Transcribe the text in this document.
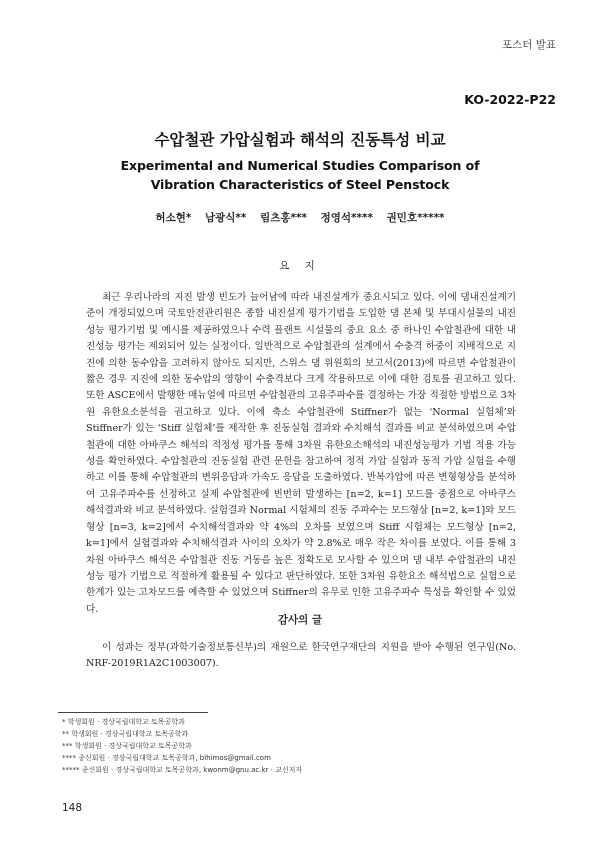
포스터 발표
KO-2022-P22
수압철관 가압실험과 해석의 진동특성 비교
Experimental and Numerical Studies Comparison of
Vibration Characteristics of Steel Penstock
허소현* 남광식** 림츠홍*** 정영석**** 권민호*****
요 지

최근 우리나라의 지진 발생 빈도가 늘어남에 따라 내진설계가 중요시되고 있다. 이에 댐내진설계기준이 개정되었으며 국토안전관리원은 종합 내진설계 평가기법을 도입한 댐 본체 및 부대시설물의 내진성능 평가기법 및 예시를 제공하였으나 수력 플랜트 시설물의 중요 요소 중 하나인 수압철관에 대한 내진성능 평가는 제외되어 있는 실정이다. 일반적으로 수압철관의 설계에서 수충격 하중이 지배적으로 지진에 의한 동수압을 고려하지 않아도 되지만, 스위스 댐 위원회의 보고서(2013)에 따르면 수압철관이 짧은 경우 지진에 의한 동수압의 영향이 수충격보다 크게 작용하므로 이에 대한 검토를 권고하고 있다. 또한 ASCE에서 발행한 매뉴얼에 따르면 수압철관의 고유주파수를 결정하는 가장 적절한 방법으로 3차원 유한요소분석을 권고하고 있다. 이에 축소 수압철관에 Stiffner가 없는 ‘Normal 실험체’와 Stiffner가 있는 ‘Stiff 실험체’를 제작한 후 진동실험 결과와 수치해석 결과를 비교 분석하였으며 수압철관에 대한 아바쿠스 해석의 적정성 평가를 통해 3차원 유한요소해석의 내진성능평가 기법 적용 가능성을 확인하였다. 수압철관의 진동실험 관련 문헌을 참고하여 정적 가압 실험과 동적 가압 실험을 수행하고 이를 통해 수압철관의 변위응답과 가속도 응답을 도출하였다. 반복가압에 따른 변형형상을 분석하여 고유주파수를 선정하고 실제 수압철관에 빈번히 발생하는 [n=2, k=1] 모드를 중점으로 아바쿠스 해석결과와 비교 분석하였다. 실험결과 Normal 시험체의 진동 주파수는 모드형상 [n=2, k=1]와 모드형상 [n=3, k=2]에서 수치해석결과와 약 4%의 오차를 보였으며 Stiff 시험체는 모드형상 [n=2, k=1]에서 실험결과와 수치해석결과 사이의 오차가 약 2.8%로 매우 작은 차이를 보였다. 이를 통해 3차원 아바쿠스 해석은 수압철관 진동 거동을 높은 정확도로 모사할 수 있으며 댐 내부 수압철관의 내진 성능 평가 기법으로 적절하게 활용될 수 있다고 판단하였다. 또한 3차원 유한요소 해석법으로 실험으로 한계가 있는 고차모드를 예측할 수 있었으며 Stiffner의 유무로 인한 고유주파수 특성을 확인할 수 있었다.

감사의 글

이 성과는 정부(과학기술정보통신부)의 재원으로 한국연구재단의 지원을 받아 수행된 연구임(No. NRF-2019R1A2C1003007).

* 학생회원 · 경상국립대학교 토목공학과
** 학생회원 · 경상국립대학교 토목공학과
*** 학생회원 · 경상국립대학교 토목공학과
**** 종신회원 · 경상국립대학교 토목공학과, bihimos@gmail.com
***** 종신회원 · 경상국립대학교 토목공학과, kwonm@gnu.ac.kr · 교신저자
148
